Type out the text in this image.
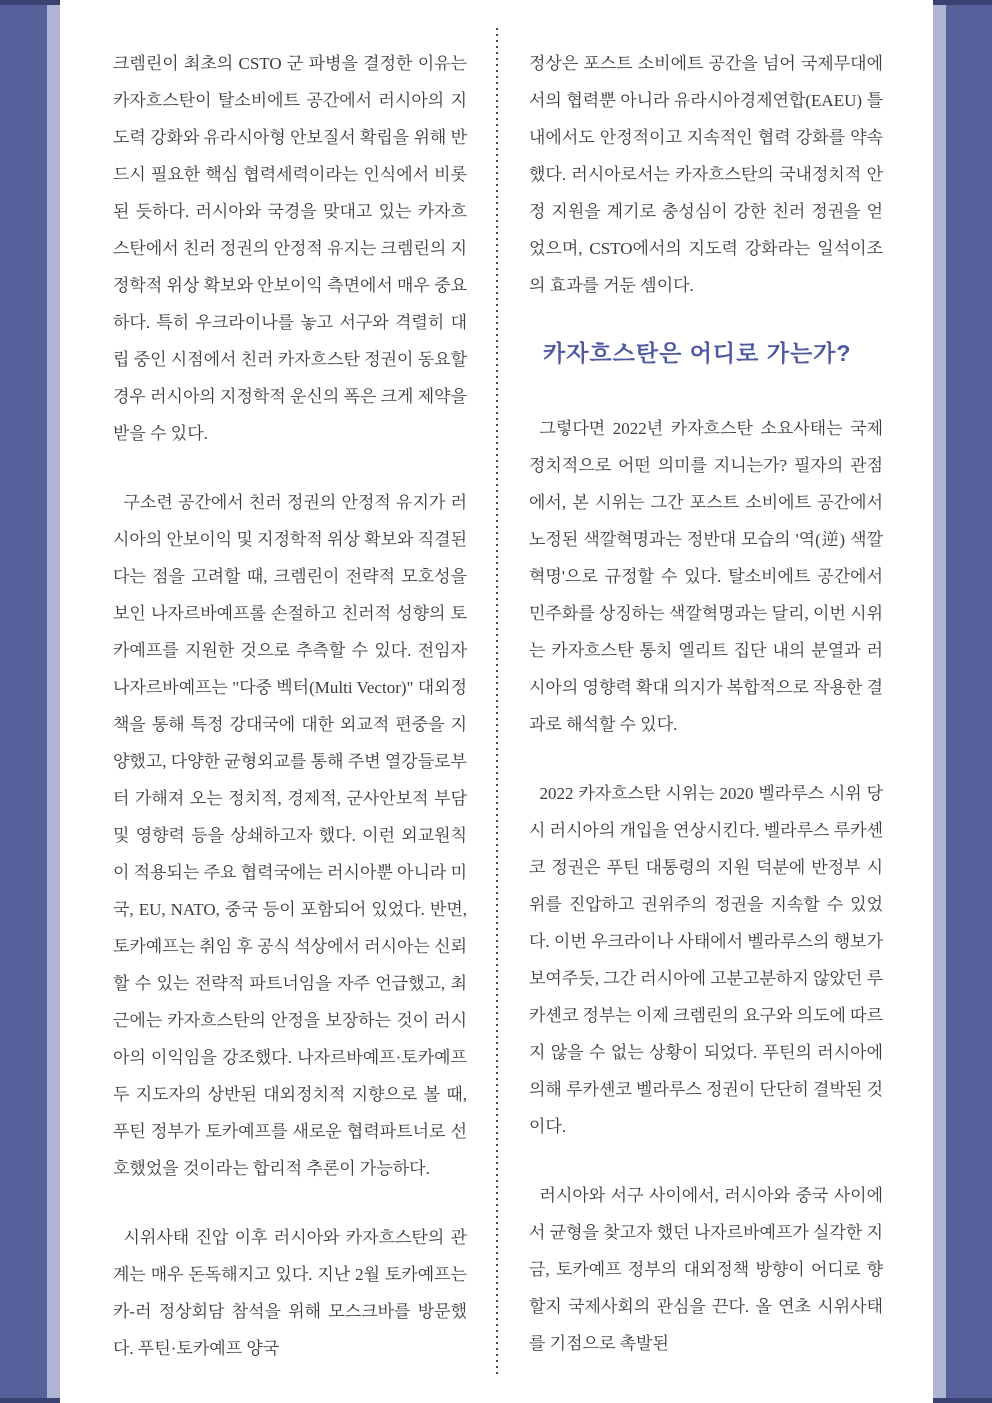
크렘린이 최초의 CSTO 군 파병을 결정한 이유는 카자흐스탄이 탈소비에트 공간에서 러시아의 지도력 강화와 유라시아형 안보질서 확립을 위해 반드시 필요한 핵심 협력세력이라는 인식에서 비롯된 듯하다. 러시아와 국경을 맞대고 있는 카자흐스탄에서 친러 정권의 안정적 유지는 크렘린의 지정학적 위상 확보와 안보이익 측면에서 매우 중요하다. 특히 우크라이나를 놓고 서구와 격렬히 대립 중인 시점에서 친러 카자흐스탄 정권이 동요할 경우 러시아의 지정학적 운신의 폭은 크게 제약을 받을 수 있다.

구소련 공간에서 친러 정권의 안정적 유지가 러시아의 안보이익 및 지정학적 위상 확보와 직결된다는 점을 고려할 때, 크렘린이 전략적 모호성을 보인 나자르바예프롤 손절하고 친러적 성향의 토카예프를 지원한 것으로 추측할 수 있다. 전임자 나자르바예프는 "다중 벡터(Multi Vector)" 대외정책을 통해 특정 강대국에 대한 외교적 편중을 지양했고, 다양한 균형외교를 통해 주변 열강들로부터 가해져 오는 정치적, 경제적, 군사안보적 부담 및 영향력 등을 상쇄하고자 했다. 이런 외교원칙이 적용되는 주요 협력국에는 러시아뿐 아니라 미국, EU, NATO, 중국 등이 포함되어 있었다. 반면, 토카예프는 취임 후 공식 석상에서 러시아는 신뢰할 수 있는 전략적 파트너임을 자주 언급했고, 최근에는 카자흐스탄의 안정을 보장하는 것이 러시아의 이익임을 강조했다. 나자르바예프·토카예프 두 지도자의 상반된 대외정치적 지향으로 볼 때, 푸틴 정부가 토카예프를 새로운 협력파트너로 선호했었을 것이라는 합리적 추론이 가능하다.

시위사태 진압 이후 러시아와 카자흐스탄의 관계는 매우 돈독해지고 있다. 지난 2월 토카예프는 카-러 정상회담 참석을 위해 모스크바를 방문했다. 푸틴·토카예프 양국

정상은 포스트 소비에트 공간을 넘어 국제무대에서의 협력뿐 아니라 유라시아경제연합(EAEU) 틀 내에서도 안정적이고 지속적인 협력 강화를 약속했다. 러시아로서는 카자흐스탄의 국내정치적 안정 지원을 계기로 충성심이 강한 친러 정권을 얻었으며, CSTO에서의 지도력 강화라는 일석이조의 효과를 거둔 셈이다.

카자흐스탄은 어디로 가는가?

그렇다면 2022년 카자흐스탄 소요사태는 국제정치적으로 어떤 의미를 지니는가? 필자의 관점에서, 본 시위는 그간 포스트 소비에트 공간에서 노정된 색깔혁명과는 정반대 모습의 '역(逆) 색깔혁명'으로 규정할 수 있다. 탈소비에트 공간에서 민주화를 상징하는 색깔혁명과는 달리, 이번 시위는 카자흐스탄 통치 엘리트 집단 내의 분열과 러시아의 영향력 확대 의지가 복합적으로 작용한 결과로 해석할 수 있다.

2022 카자흐스탄 시위는 2020 벨라루스 시위 당시 러시아의 개입을 연상시킨다. 벨라루스 루카셴코 정권은 푸틴 대통령의 지원 덕분에 반정부 시위를 진압하고 권위주의 정권을 지속할 수 있었다. 이번 우크라이나 사태에서 벨라루스의 행보가 보여주듯, 그간 러시아에 고분고분하지 않았던 루카셴코 정부는 이제 크렘린의 요구와 의도에 따르지 않을 수 없는 상황이 되었다. 푸틴의 러시아에 의해 루카셴코 벨라루스 정권이 단단히 결박된 것이다.

러시아와 서구 사이에서, 러시아와 중국 사이에서 균형을 찾고자 했던 나자르바예프가 실각한 지금, 토카예프 정부의 대외정책 방향이 어디로 향할지 국제사회의 관심을 끈다. 올 연초 시위사태를 기점으로 촉발된
